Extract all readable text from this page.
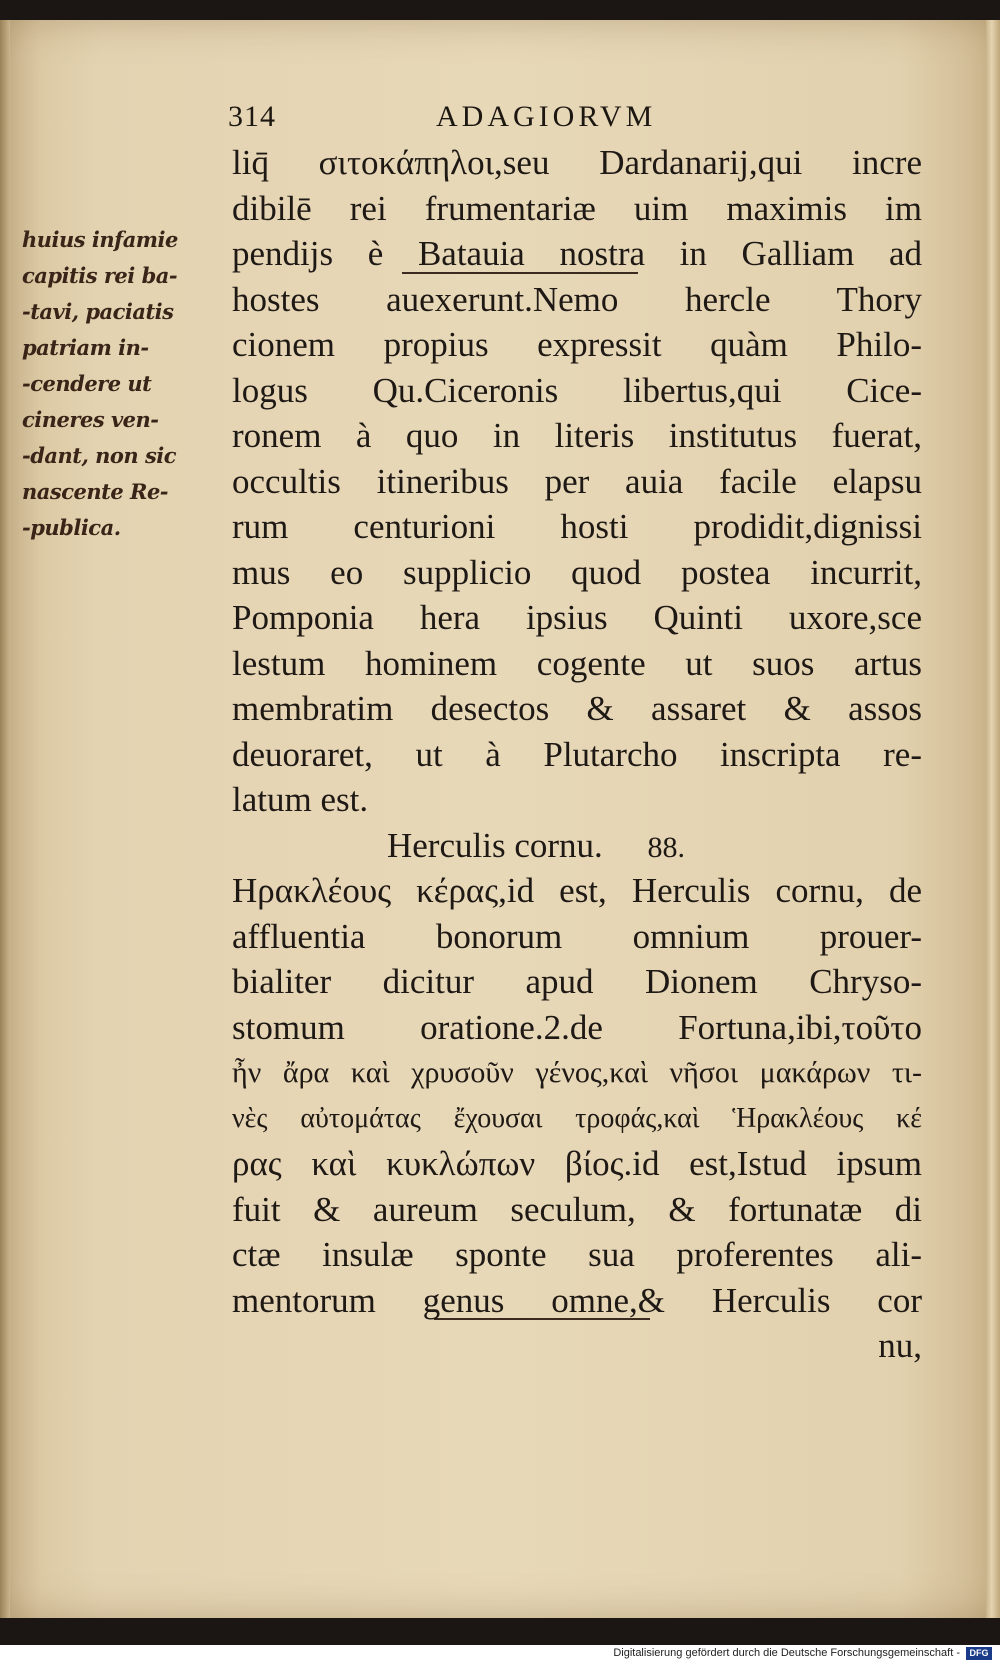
314	ADAGIORVM
huius infamie
capitis rei ba-
-tavi, paciatis
patriam in-
-cendere ut
cineres ven-
-dant, non sic
nascente Re-
-publica.
liq̄ σιτοκάπηλοι,seu Dardanarij,qui incre
dibilē rei frumentariæ uim maximis im
pendijs è Batauia nostra in Galliam ad
hostes auexerunt.Nemo hercle Thory
cionem propius expressit quàm Philo-
logus Qu.Ciceronis libertus,qui Cice-
ronem à quo in literis institutus fuerat,
occultis itineribus per auia facile elapsu
rum centurioni hosti prodidit,dignissi
mus eo supplicio quod postea incurrit,
Pomponia hera ipsius Quinti uxore,sce
lestum hominem cogente ut suos artus
membratim desectos & assaret & assos
deuoraret, ut à Plutarcho inscripta re-
latum est.
Herculis cornu. 88.
Ηρακλέους κέρας,id est, Herculis cornu, de
affluentia bonorum omnium prouer-
bialiter dicitur apud Dionem Chryso-
stomum oratione.2.de Fortuna,ibi,τοῦτο
ἦν ἄρα καὶ χρυσοῦν γένος,καὶ νῆσοι μακάρων τι-
νὲς αὐτομάτας ἔχουσαι τροφάς,καὶ Ἡρακλέους κέ
ρας καὶ κυκλώπων βίος.id est,Istud ipsum
fuit & aureum seculum, & fortunatæ di
ctæ insulæ sponte sua proferentes ali-
mentorum genus omne,& Herculis cor
nu,
Digitalisierung gefördert durch die Deutsche Forschungsgemeinschaft -	DFG
